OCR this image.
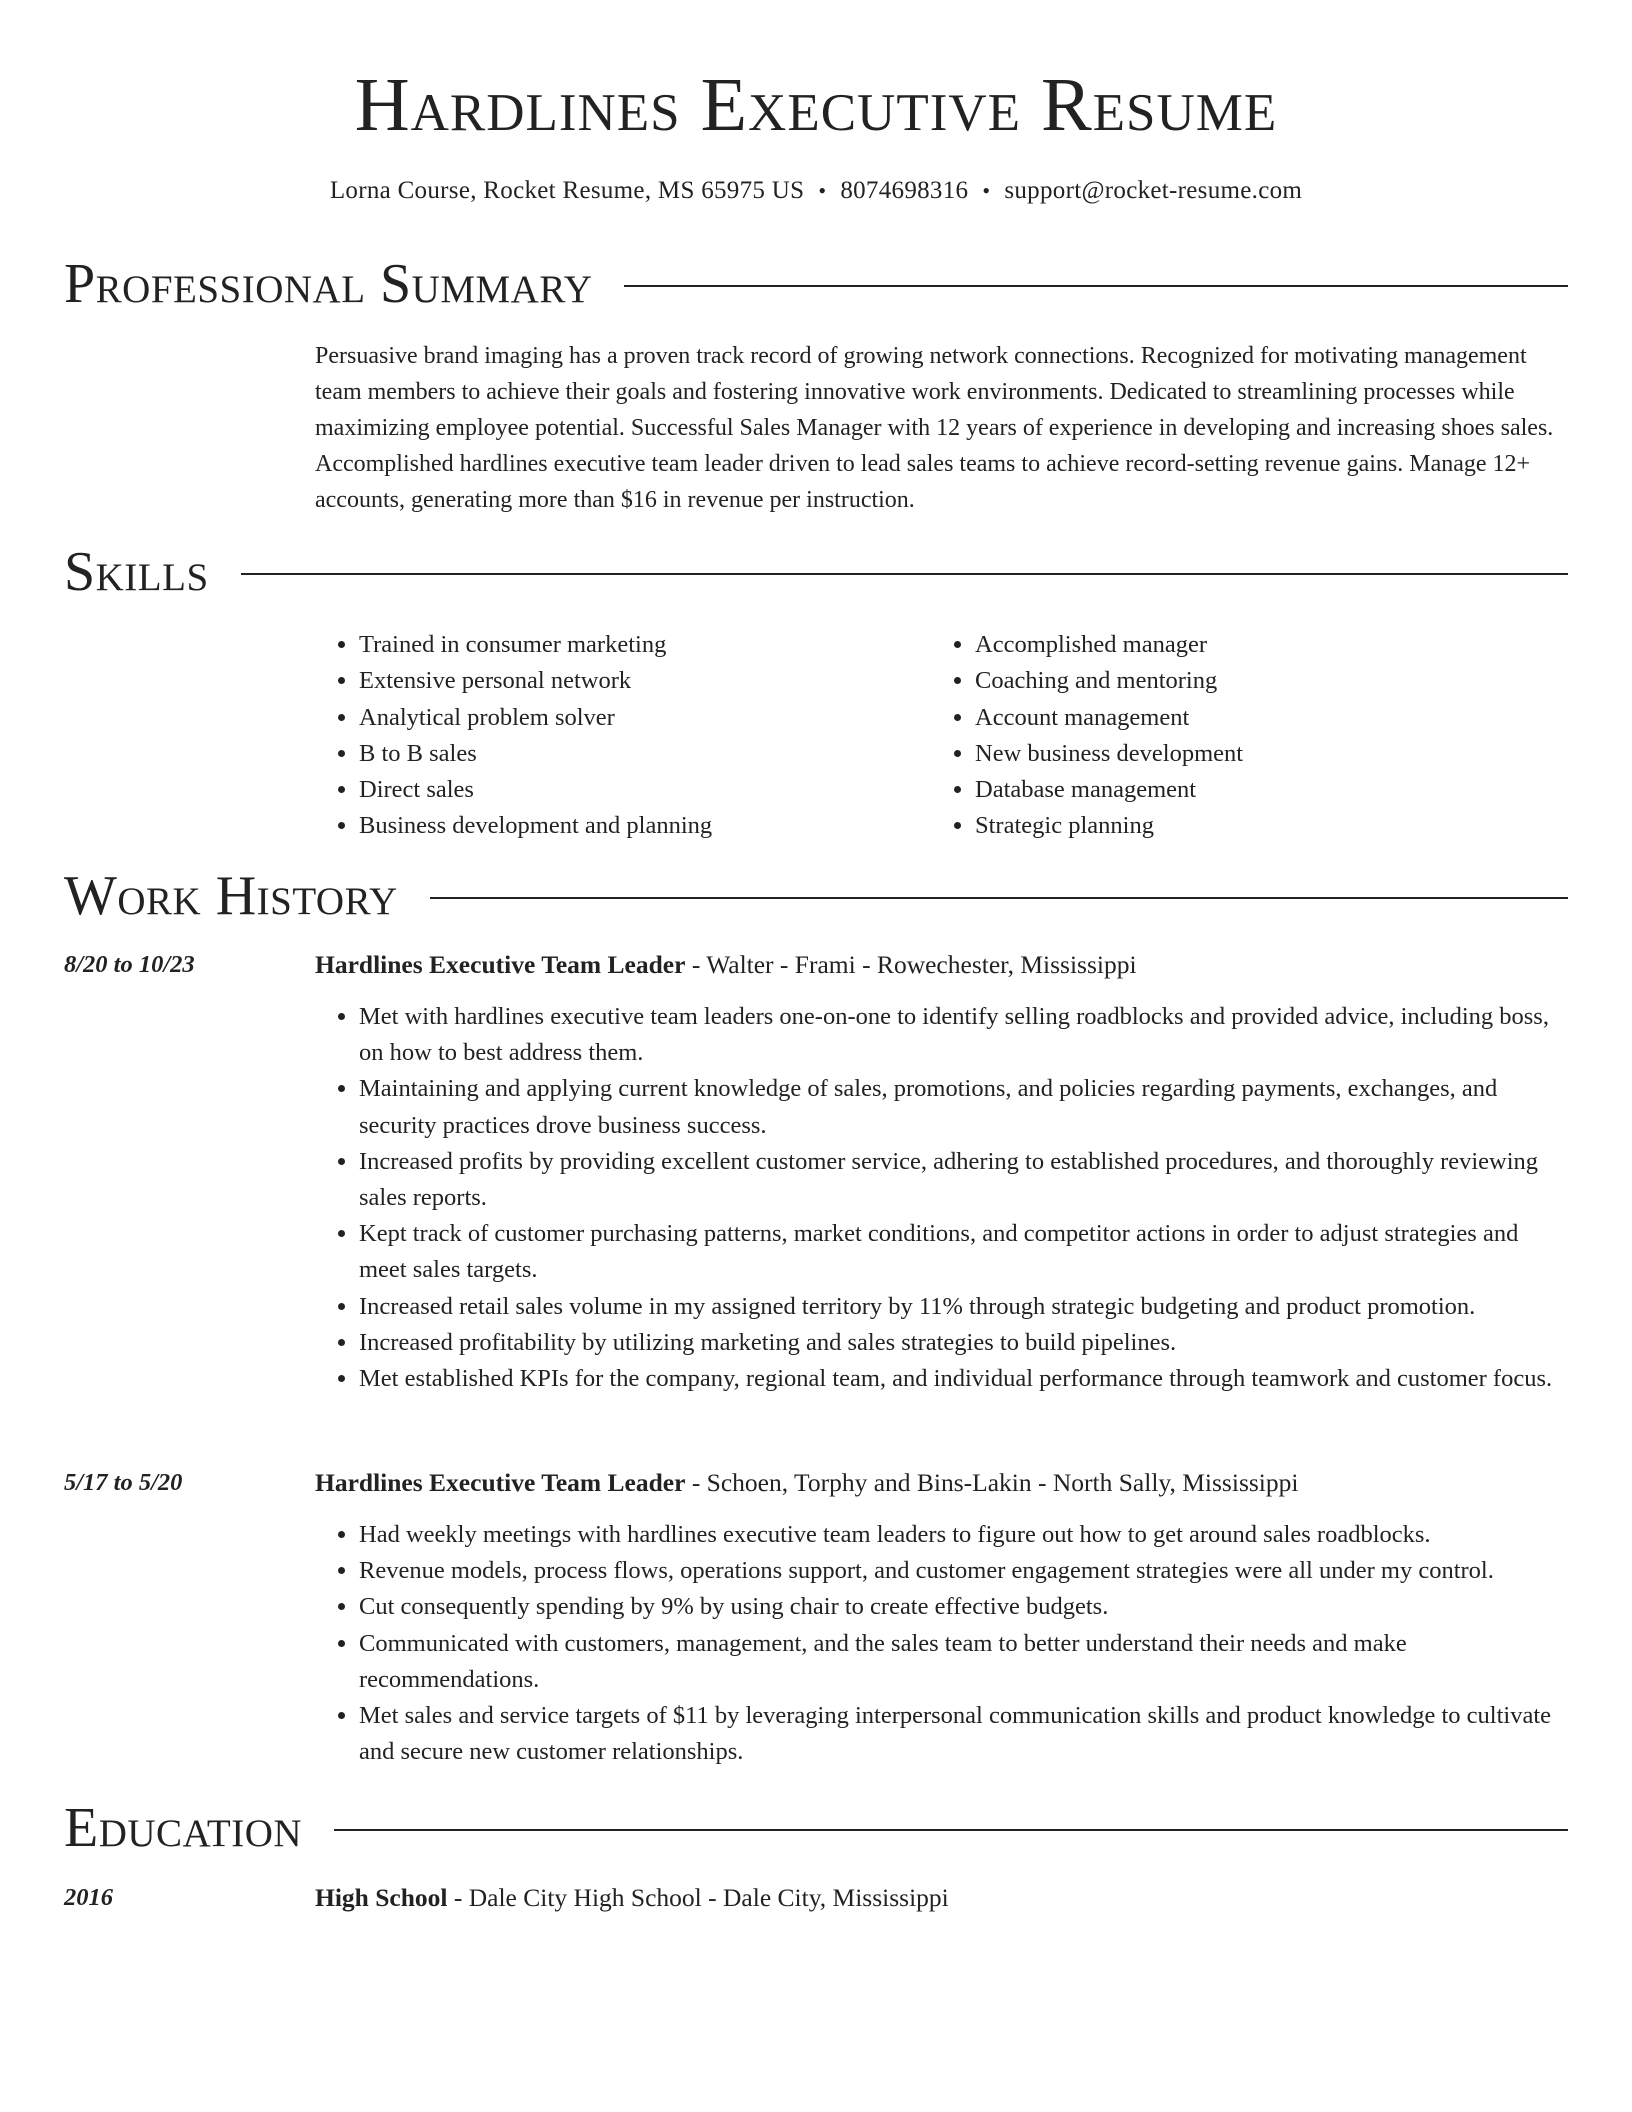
Hardlines Executive Resume
Lorna Course, Rocket Resume, MS 65975 US • 8074698316 • support@rocket-resume.com
Professional Summary

Persuasive brand imaging has a proven track record of growing network connections. Recognized for motivating management team members to achieve their goals and fostering innovative work environments. Dedicated to streamlining processes while maximizing employee potential. Successful Sales Manager with 12 years of experience in developing and increasing shoes sales. Accomplished hardlines executive team leader driven to lead sales teams to achieve record-setting revenue gains. Manage 12+ accounts, generating more than $16 in revenue per instruction.

Skills
• Trained in consumer marketing
• Extensive personal network
• Analytical problem solver
• B to B sales
• Direct sales
• Business development and planning
• Accomplished manager
• Coaching and mentoring
• Account management
• New business development
• Database management
• Strategic planning
Work History
8/20 to 10/23	Hardlines Executive Team Leader - Walter - Frami - Rowechester, Mississippi
• Met with hardlines executive team leaders one-on-one to identify selling roadblocks and provided advice, including boss, on how to best address them.
• Maintaining and applying current knowledge of sales, promotions, and policies regarding payments, exchanges, and security practices drove business success.
• Increased profits by providing excellent customer service, adhering to established procedures, and thoroughly reviewing sales reports.
• Kept track of customer purchasing patterns, market conditions, and competitor actions in order to adjust strategies and meet sales targets.
• Increased retail sales volume in my assigned territory by 11% through strategic budgeting and product promotion.
• Increased profitability by utilizing marketing and sales strategies to build pipelines.
• Met established KPIs for the company, regional team, and individual performance through teamwork and customer focus.
5/17 to 5/20	Hardlines Executive Team Leader - Schoen, Torphy and Bins-Lakin - North Sally, Mississippi
• Had weekly meetings with hardlines executive team leaders to figure out how to get around sales roadblocks.
• Revenue models, process flows, operations support, and customer engagement strategies were all under my control.
• Cut consequently spending by 9% by using chair to create effective budgets.
• Communicated with customers, management, and the sales team to better understand their needs and make recommendations.
• Met sales and service targets of $11 by leveraging interpersonal communication skills and product knowledge to cultivate and secure new customer relationships.
Education
2016	High School - Dale City High School - Dale City, Mississippi
